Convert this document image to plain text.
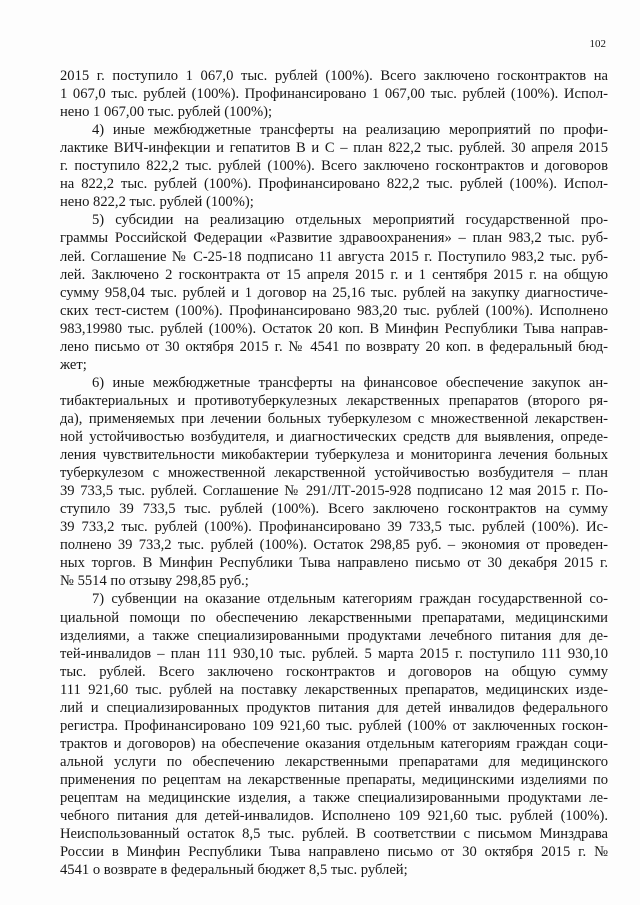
102
2015 г. поступило 1 067,0 тыс. рублей (100%). Всего заключено госконтрактов на
1 067,0 тыс. рублей (100%). Профинансировано 1 067,00 тыс. рублей (100%). Испол-
нено 1 067,00 тыс. рублей (100%);
4) иные межбюджетные трансферты на реализацию мероприятий по профи-
лактике ВИЧ-инфекции и гепатитов В и С – план 822,2 тыс. рублей. 30 апреля 2015
г. поступило 822,2 тыс. рублей (100%). Всего заключено госконтрактов и договоров
на 822,2 тыс. рублей (100%). Профинансировано 822,2 тыс. рублей (100%). Испол-
нено 822,2 тыс. рублей (100%);
5) субсидии на реализацию отдельных мероприятий государственной про-
граммы Российской Федерации «Развитие здравоохранения» – план 983,2 тыс. руб-
лей. Соглашение № С-25-18 подписано 11 августа 2015 г. Поступило 983,2 тыс. руб-
лей. Заключено 2 госконтракта от 15 апреля 2015 г. и 1 сентября 2015 г. на общую
сумму 958,04 тыс. рублей и 1 договор на 25,16 тыс. рублей на закупку диагностиче-
ских тест-систем (100%). Профинансировано 983,20 тыс. рублей (100%). Исполнено
983,19980 тыс. рублей (100%). Остаток 20 коп. В Минфин Республики Тыва направ-
лено письмо от 30 октября 2015 г. № 4541 по возврату 20 коп. в федеральный бюд-
жет;
6) иные межбюджетные трансферты на финансовое обеспечение закупок ан-
тибактериальных и противотуберкулезных лекарственных препаратов (второго ря-
да), применяемых при лечении больных туберкулезом с множественной лекарствен-
ной устойчивостью возбудителя, и диагностических средств для выявления, опреде-
ления чувствительности микобактерии туберкулеза и мониторинга лечения больных
туберкулезом с множественной лекарственной устойчивостью возбудителя – план
39 733,5 тыс. рублей. Соглашение № 291/ЛТ-2015-928 подписано 12 мая 2015 г. По-
ступило 39 733,5 тыс. рублей (100%). Всего заключено госконтрактов на сумму
39 733,2 тыс. рублей (100%). Профинансировано 39 733,5 тыс. рублей (100%). Ис-
полнено 39 733,2 тыс. рублей (100%). Остаток 298,85 руб. – экономия от проведен-
ных торгов. В Минфин Республики Тыва направлено письмо от 30 декабря 2015 г.
№ 5514 по отзыву 298,85 руб.;
7) субвенции на оказание отдельным категориям граждан государственной со-
циальной помощи по обеспечению лекарственными препаратами, медицинскими
изделиями, а также специализированными продуктами лечебного питания для де-
тей-инвалидов – план 111 930,10 тыс. рублей. 5 марта 2015 г. поступило 111 930,10
тыс. рублей. Всего заключено госконтрактов и договоров на общую сумму
111 921,60 тыс. рублей на поставку лекарственных препаратов, медицинских изде-
лий и специализированных продуктов питания для детей инвалидов федерального
регистра. Профинансировано 109 921,60 тыс. рублей (100% от заключенных госкон-
трактов и договоров) на обеспечение оказания отдельным категориям граждан соци-
альной услуги по обеспечению лекарственными препаратами для медицинского
применения по рецептам на лекарственные препараты, медицинскими изделиями по
рецептам на медицинские изделия, а также специализированными продуктами ле-
чебного питания для детей-инвалидов. Исполнено 109 921,60 тыс. рублей (100%).
Неиспользованный остаток 8,5 тыс. рублей. В соответствии с письмом Минздрава
России в Минфин Республики Тыва направлено письмо от 30 октября 2015 г. №
4541 о возврате в федеральный бюджет 8,5 тыс. рублей;
